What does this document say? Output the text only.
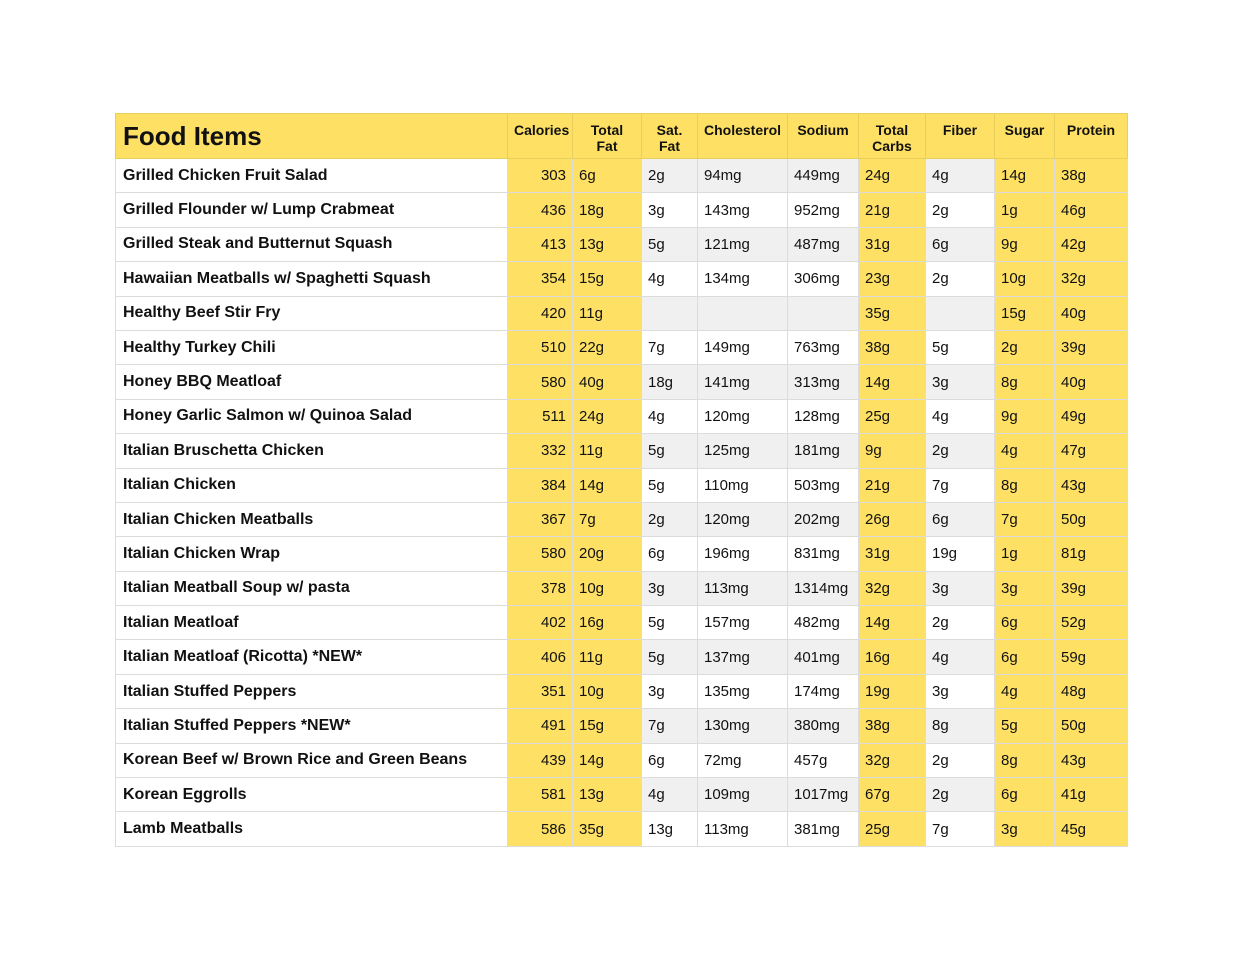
Food Items	Calories	Total Fat	Sat. Fat	Cholesterol	Sodium	Total Carbs	Fiber	Sugar	Protein
Grilled Chicken Fruit Salad	303	6g	2g	94mg	449mg	24g	4g	14g	38g
Grilled Flounder w/ Lump Crabmeat	436	18g	3g	143mg	952mg	21g	2g	1g	46g
Grilled Steak and Butternut Squash	413	13g	5g	121mg	487mg	31g	6g	9g	42g
Hawaiian Meatballs w/ Spaghetti Squash	354	15g	4g	134mg	306mg	23g	2g	10g	32g
Healthy Beef Stir Fry	420	11g				35g		15g	40g
Healthy Turkey Chili	510	22g	7g	149mg	763mg	38g	5g	2g	39g
Honey BBQ Meatloaf	580	40g	18g	141mg	313mg	14g	3g	8g	40g
Honey Garlic Salmon w/ Quinoa Salad	511	24g	4g	120mg	128mg	25g	4g	9g	49g
Italian Bruschetta Chicken	332	11g	5g	125mg	181mg	9g	2g	4g	47g
Italian Chicken	384	14g	5g	110mg	503mg	21g	7g	8g	43g
Italian Chicken Meatballs	367	7g	2g	120mg	202mg	26g	6g	7g	50g
Italian Chicken Wrap	580	20g	6g	196mg	831mg	31g	19g	1g	81g
Italian Meatball Soup w/ pasta	378	10g	3g	113mg	1314mg	32g	3g	3g	39g
Italian Meatloaf	402	16g	5g	157mg	482mg	14g	2g	6g	52g
Italian Meatloaf (Ricotta) *NEW*	406	11g	5g	137mg	401mg	16g	4g	6g	59g
Italian Stuffed Peppers	351	10g	3g	135mg	174mg	19g	3g	4g	48g
Italian Stuffed Peppers *NEW*	491	15g	7g	130mg	380mg	38g	8g	5g	50g
Korean Beef w/ Brown Rice and Green Beans	439	14g	6g	72mg	457g	32g	2g	8g	43g
Korean Eggrolls	581	13g	4g	109mg	1017mg	67g	2g	6g	41g
Lamb Meatballs	586	35g	13g	113mg	381mg	25g	7g	3g	45g
